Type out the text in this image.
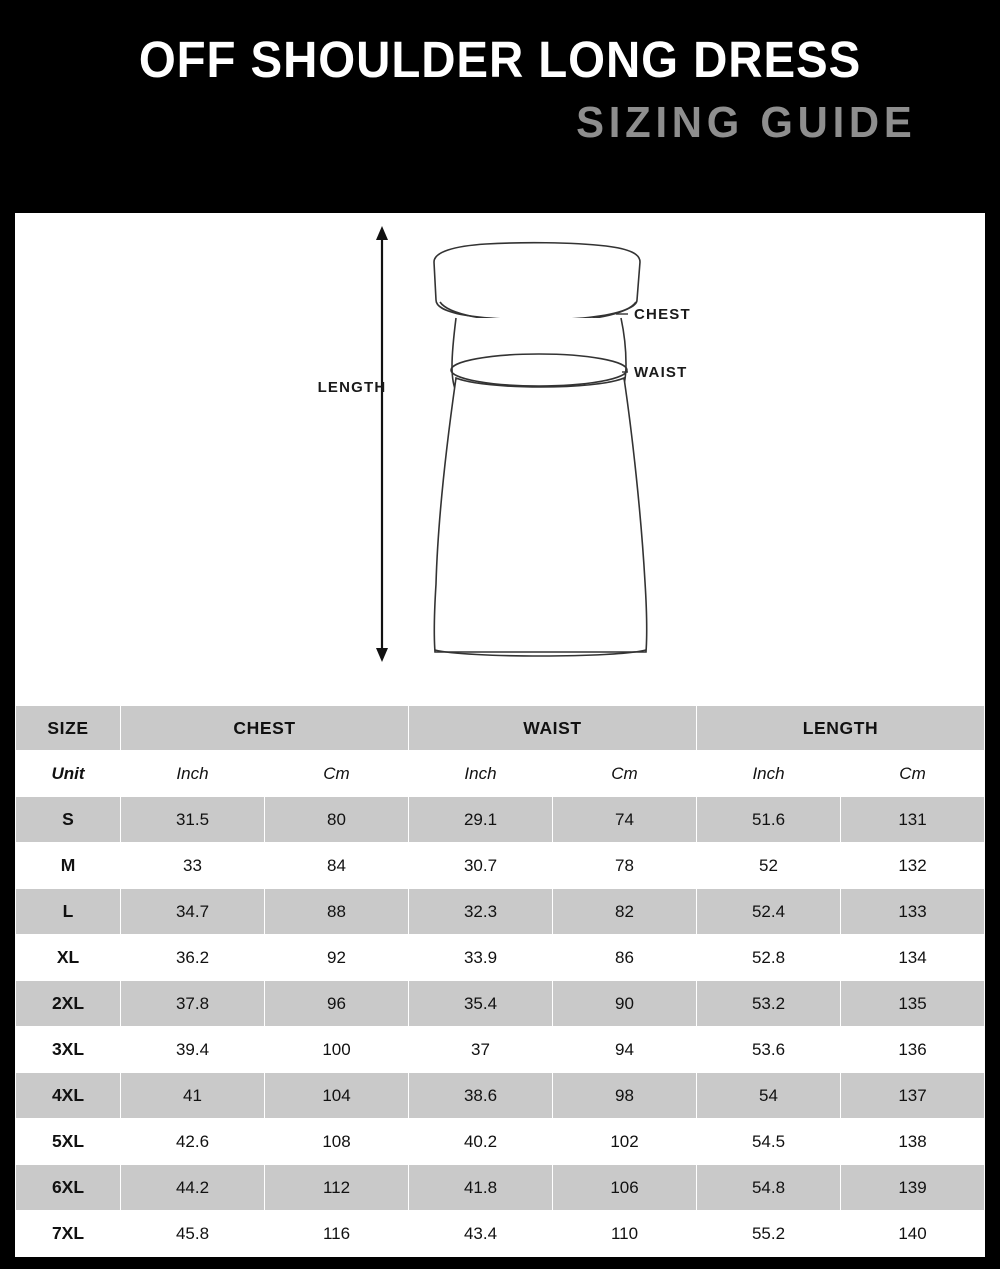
OFF SHOULDER LONG DRESS
SIZING GUIDE
LENGTH
CHEST
WAIST
SIZE	CHEST		WAIST		LENGTH	
Unit	Inch	Cm	Inch	Cm	Inch	Cm
S	31.5	80	29.1	74	51.6	131
M	33	84	30.7	78	52	132
L	34.7	88	32.3	82	52.4	133
XL	36.2	92	33.9	86	52.8	134
2XL	37.8	96	35.4	90	53.2	135
3XL	39.4	100	37	94	53.6	136
4XL	41	104	38.6	98	54	137
5XL	42.6	108	40.2	102	54.5	138
6XL	44.2	112	41.8	106	54.8	139
7XL	45.8	116	43.4	110	55.2	140
